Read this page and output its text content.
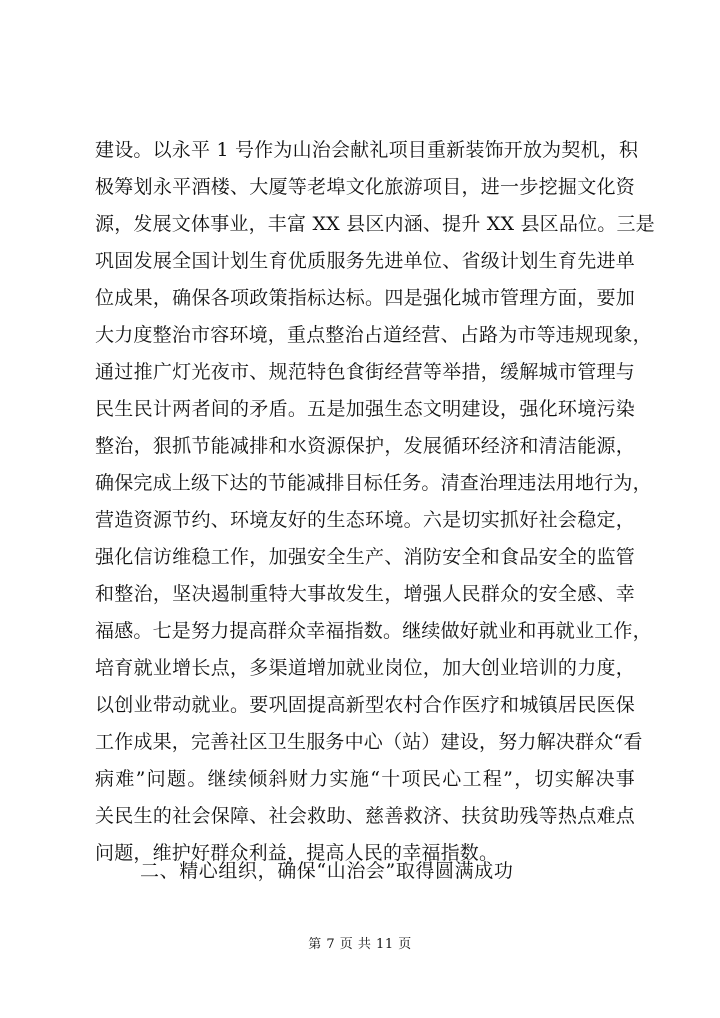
建设。以永平 1 号作为山治会献礼项目重新装饰开放为契机，积
极筹划永平酒楼、大厦等老埠文化旅游项目，进一步挖掘文化资
源，发展文体事业，丰富 XX 县区内涵、提升 XX 县区品位。三是
巩固发展全国计划生育优质服务先进单位、省级计划生育先进单
位成果，确保各项政策指标达标。四是强化城市管理方面，要加
大力度整治市容环境，重点整治占道经营、占路为市等违规现象，
通过推广灯光夜市、规范特色食街经营等举措，缓解城市管理与
民生民计两者间的矛盾。五是加强生态文明建设，强化环境污染
整治，狠抓节能减排和水资源保护，发展循环经济和清洁能源，
确保完成上级下达的节能减排目标任务。清查治理违法用地行为，
营造资源节约、环境友好的生态环境。六是切实抓好社会稳定，
强化信访维稳工作，加强安全生产、消防安全和食品安全的监管
和整治，坚决遏制重特大事故发生，增强人民群众的安全感、幸
福感。七是努力提高群众幸福指数。继续做好就业和再就业工作，
培育就业增长点，多渠道增加就业岗位，加大创业培训的力度，
以创业带动就业。要巩固提高新型农村合作医疗和城镇居民医保
工作成果，完善社区卫生服务中心（站）建设，努力解决群众“看
病难”问题。继续倾斜财力实施“十项民心工程”，切实解决事
关民生的社会保障、社会救助、慈善救济、扶贫助残等热点难点
问题，维护好群众利益，提高人民的幸福指数。
二、精心组织，确保“山治会”取得圆满成功
第 7 页 共 11 页
